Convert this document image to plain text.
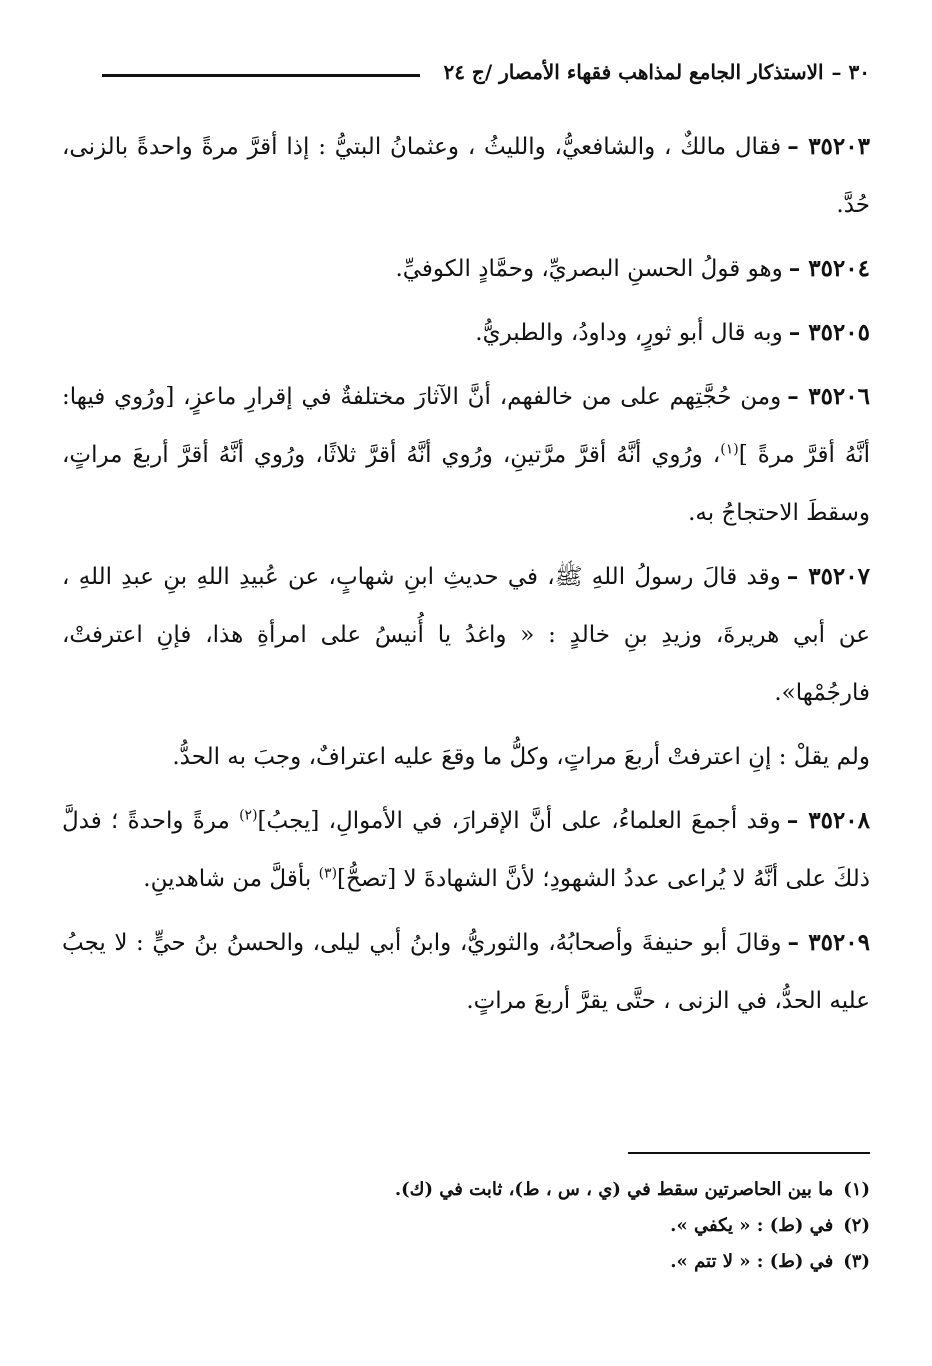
٣٠ –
الاستذكار الجامع لمذاهب فقهاء الأمصار /ج ٢٤

٣٥٢٠٣ –فقال مالكٌ ، والشافعيُّ، والليثُ ، وعثمانُ البتيُّ : إذا أقرَّ مرةً واحدةً بالزنى، حُدَّ.

٣٥٢٠٤ –وهو قولُ الحسنِ البصريِّ، وحمَّادٍ الكوفيِّ.

٣٥٢٠٥ –وبه قال أبو ثورٍ، وداودُ، والطبريُّ.

٣٥٢٠٦ –ومن حُجَّتِهم على من خالفهم، أنَّ الآثارَ مختلفةٌ في إقرارِ ماعزٍ، [ورُوي فيها: أنَّهُ أقرَّ مرةً ]$^{(١)}$، ورُوي أنَّهُ أقرَّ مرَّتينِ، ورُوي أنَّهُ أقرَّ ثلاثًا، ورُوي أنَّهُ أقرَّ أربعَ مراتٍ، وسقطَ الاحتجاجُ به.

٣٥٢٠٧ –وقد قالَ رسولُ اللهِ ﷺ، في حديثِ ابنِ شهابٍ، عن عُبيدِ اللهِ بنِ عبدِ اللهِ ، عن أبي هريرةَ، وزيدِ بنِ خالدٍ : « واغدُ يا أُنيسُ على امرأةِ هذا، فإنِ اعترفتْ، فارجُمْها».

ولم يقلْ : إنِ اعترفتْ أربعَ مراتٍ، وكلُّ ما وقعَ عليه اعترافٌ، وجبَ به الحدُّ.

٣٥٢٠٨ –وقد أجمعَ العلماءُ، على أنَّ الإقرارَ، في الأموالِ، [يجبُ]$^{(٢)}$ مرةً واحدةً ؛ فدلَّ ذلكَ على أنَّهُ لا يُراعى عددُ الشهودِ؛ لأنَّ الشهادةَ لا [تصحُّ]$^{(٣)}$ بأقلَّ من شاهدينِ.

٣٥٢٠٩ –وقالَ أبو حنيفةَ وأصحابُهُ، والثوريُّ، وابنُ أبي ليلى، والحسنُ بنُ حيٍّ : لا يجبُ عليه الحدُّ، في الزنى ، حتَّى يقرَّ أربعَ مراتٍ.

(١)ما بين الحاصرتين سقط في (ي ، س ، ط)، ثابت في (ك).
(٢)في (ط) : « يكفي ».
(٣)في (ط) : « لا تتم ».
